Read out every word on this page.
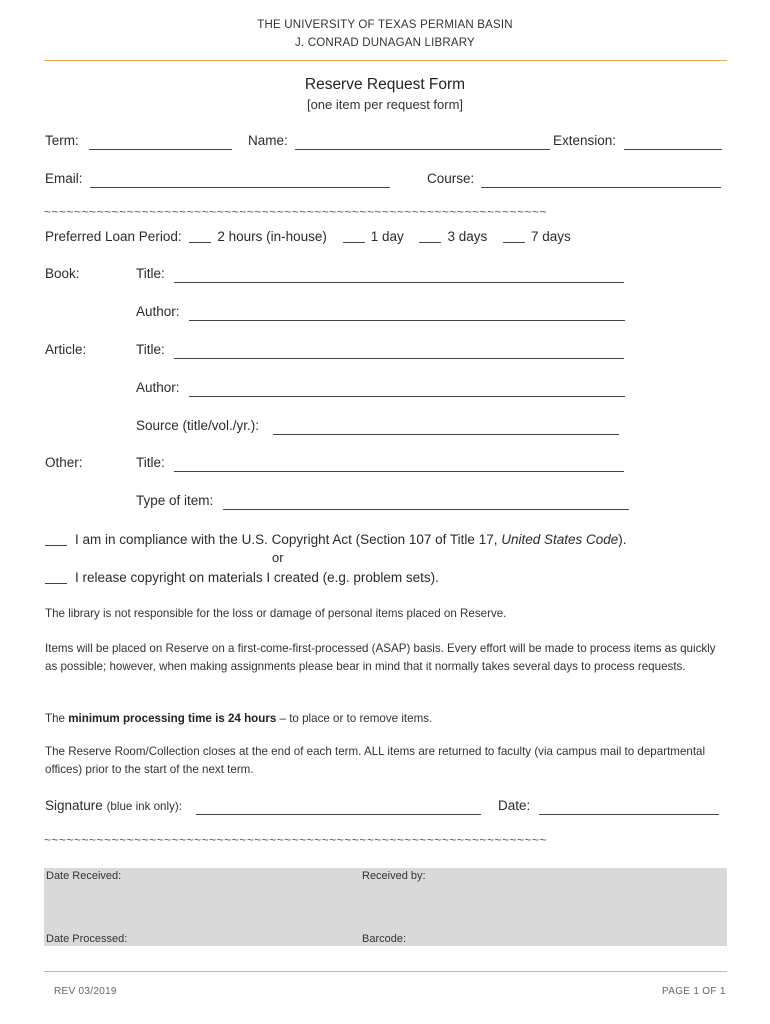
THE UNIVERSITY OF TEXAS PERMIAN BASIN
J. CONRAD DUNAGAN LIBRARY
Reserve Request Form
[one item per request form]
Term:	Name:	Extension:
Email:	Course:
~~~~~~~~~~~~~~~~~~~~~~~~~~~~~~~~~~~~~~~~~~~~~~~~~~~~~~~~~~~~~~~~~~~
Preferred Loan Period:	2 hours (in-house)	1 day	3 days	7 days
Book:	Title:
Author:
Article:	Title:
Author:
Source (title/vol./yr.):
Other:	Title:
Type of item:
I am in compliance with the U.S. Copyright Act (Section 107 of Title 17, United States Code).
or
I release copyright on materials I created (e.g. problem sets).
The library is not responsible for the loss or damage of personal items placed on Reserve.
Items will be placed on Reserve on a first-come-first-processed (ASAP) basis. Every effort will be made to process items as quickly as possible; however, when making assignments please bear in mind that it normally takes several days to process requests.
The minimum processing time is 24 hours – to place or to remove items.
The Reserve Room/Collection closes at the end of each term. ALL items are returned to faculty (via campus mail to departmental offices) prior to the start of the next term.
Signature (blue ink only):	Date:
~~~~~~~~~~~~~~~~~~~~~~~~~~~~~~~~~~~~~~~~~~~~~~~~~~~~~~~~~~~~~~~~~~~
Date Received:	Received by:
Date Processed:	Barcode:
REV 03/2019	PAGE 1 OF 1
